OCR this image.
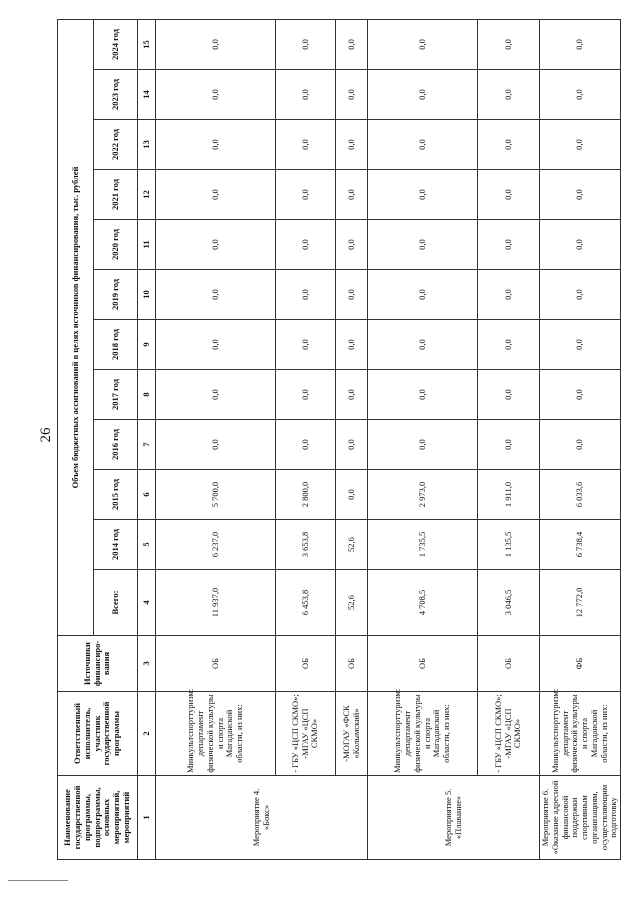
26
Наименование государственной программы, подпрограммы, основных мероприятий, мероприятий	Ответственный исполнитель, участник государственной программы	Источники финансиро-вания	Объем бюджетных ассигнований в целях источников финансирования, тыс. рублей											
			Всего:	2014 год	2015 год	2016 год	2017 год	2018 год	2019 год	2020 год	2021 год	2022 год	2023 год	2024 год
1	2	3	4	5	6	7	8	9	10	11	12	13	14	15
Мероприятие 4. «Бокс»	Минкультспорттуризм: департамент физической культуры и спорта Магаданской области, из них:	ОБ	11 937,0	6 237,0	5 700,0	0,0	0,0	0,0	0,0	0,0	0,0	0,0	0,0	0,0
	- ГБУ «ЦСП СКМО»; -МГАУ «ЦСП СКМО»	ОБ	6 453,8	3 653,8	2 800,0	0,0	0,0	0,0	0,0	0,0	0,0	0,0	0,0	0,0
	-МОГАУ «ФСК «Колымский»	ОБ	52,6	52,6	0,0	0,0	0,0	0,0	0,0	0,0	0,0	0,0	0,0	0,0
Мероприятие 5. «Плавание»	Минкультспорттуризм: департамент физической культуры и спорта Магаданской области, из них:	ОБ	4 708,5	1 735,5	2 973,0	0,0	0,0	0,0	0,0	0,0	0,0	0,0	0,0	0,0
	- ГБУ «ЦСП СКМО»; -МГАУ «ЦСП СКМО»	ОБ	3 046,5	1 135,5	1 911,0	0,0	0,0	0,0	0,0	0,0	0,0	0,0	0,0	0,0
Мероприятие 6. «Оказание адресной финансовой поддержки спортивным организациям, осуществляющим подготовку	Минкультспорттуризм: департамент физической культуры и спорта Магаданской области, из них:	ФБ	12 772,0	6 738,4	6 033,6	0,0	0,0	0,0	0,0	0,0	0,0	0,0	0,0	0,0
